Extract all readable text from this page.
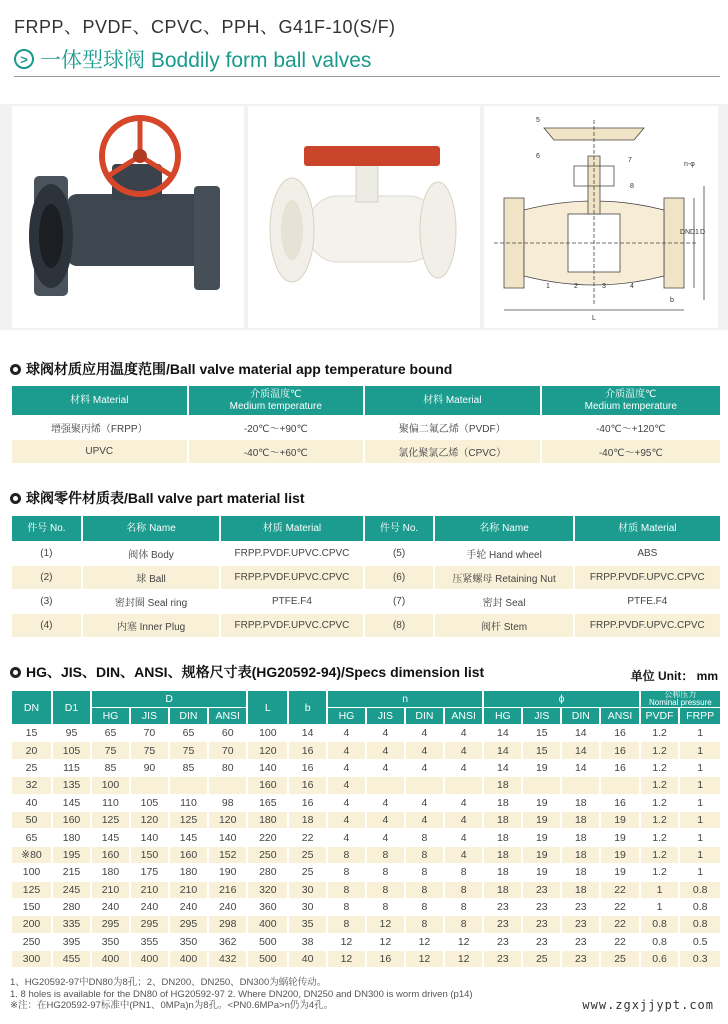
FRPP、PVDF、CPVC、PPH、G41F-10(S/F)
> 一体型球阀 Boddily form ball valves
5
6
7
8
n-φ
DN D1 D
1	2	3	4
L
b
球阀材质应用温度范围/Ball valve material app temperature bound
材料 Material	介质温度℃
Medium temperature	材料 Material	介质温度℃
Medium temperature
增强聚丙烯（FRPP）	-20℃～+90℃	聚偏二氟乙烯（PVDF）	-40℃～+120℃
UPVC	-40℃～+60℃	氯化聚氯乙烯（CPVC）	-40℃～+95℃
球阀零件材质表/Ball valve part material list
件号 No.	名称 Name	材质 Material	件号 No.	名称 Name	材质 Material
(1)	阀体 Body	FRPP.PVDF.UPVC.CPVC	(5)	手轮 Hand wheel	ABS
(2)	球 Ball	FRPP.PVDF.UPVC.CPVC	(6)	压紧螺母 Retaining Nut	FRPP.PVDF.UPVC.CPVC
(3)	密封圈 Seal ring	PTFE.F4	(7)	密封 Seal	PTFE.F4
(4)	内塞 Inner Plug	FRPP.PVDF.UPVC.CPVC	(8)	阀杆 Stem	FRPP.PVDF.UPVC.CPVC
HG、JIS、DIN、ANSI、规格尺寸表(HG20592-94)/Specs dimension list	单位 Unit： mm
DN	D1	D				L	b	n				ϕ				公称压力
Nominal pressure	
		HG	JIS	DIN	ANSI			HG	JIS	DIN	ANSI	HG	JIS	DIN	ANSI	PVDF	FRPP
15	95	65	70	65	60	100	14	4	4	4	4	14	15	14	16	1.2	1
20	105	75	75	75	70	120	16	4	4	4	4	14	15	14	16	1.2	1
25	115	85	90	85	80	140	16	4	4	4	4	14	19	14	16	1.2	1
32	135	100				160	16	4				18				1.2	1
40	145	110	105	110	98	165	16	4	4	4	4	18	19	18	16	1.2	1
50	160	125	120	125	120	180	18	4	4	4	4	18	19	18	19	1.2	1
65	180	145	140	145	140	220	22	4	4	8	4	18	19	18	19	1.2	1
※80	195	160	150	160	152	250	25	8	8	8	4	18	19	18	19	1.2	1
100	215	180	175	180	190	280	25	8	8	8	8	18	19	18	19	1.2	1
125	245	210	210	210	216	320	30	8	8	8	8	18	23	18	22	1	0.8
150	280	240	240	240	240	360	30	8	8	8	8	23	23	23	22	1	0.8
200	335	295	295	295	298	400	35	8	12	8	8	23	23	23	22	0.8	0.8
250	395	350	355	350	362	500	38	12	12	12	12	23	23	23	22	0.8	0.5
300	455	400	400	400	432	500	40	12	16	12	12	23	25	23	25	0.6	0.3
1、HG20592-97中DN80为8孔；2、DN200、DN250、DN300为蜗轮传动。
1. 8 holes is available for the DN80 of HG20592-97 2. Where DN200, DN250 and DN300 is worm driven (p14)
※注：在HG20592-97标准中(PN1、0MPa)n为8孔。<PN0.6MPa>n仍为4孔。	www.zgxjjypt.com
